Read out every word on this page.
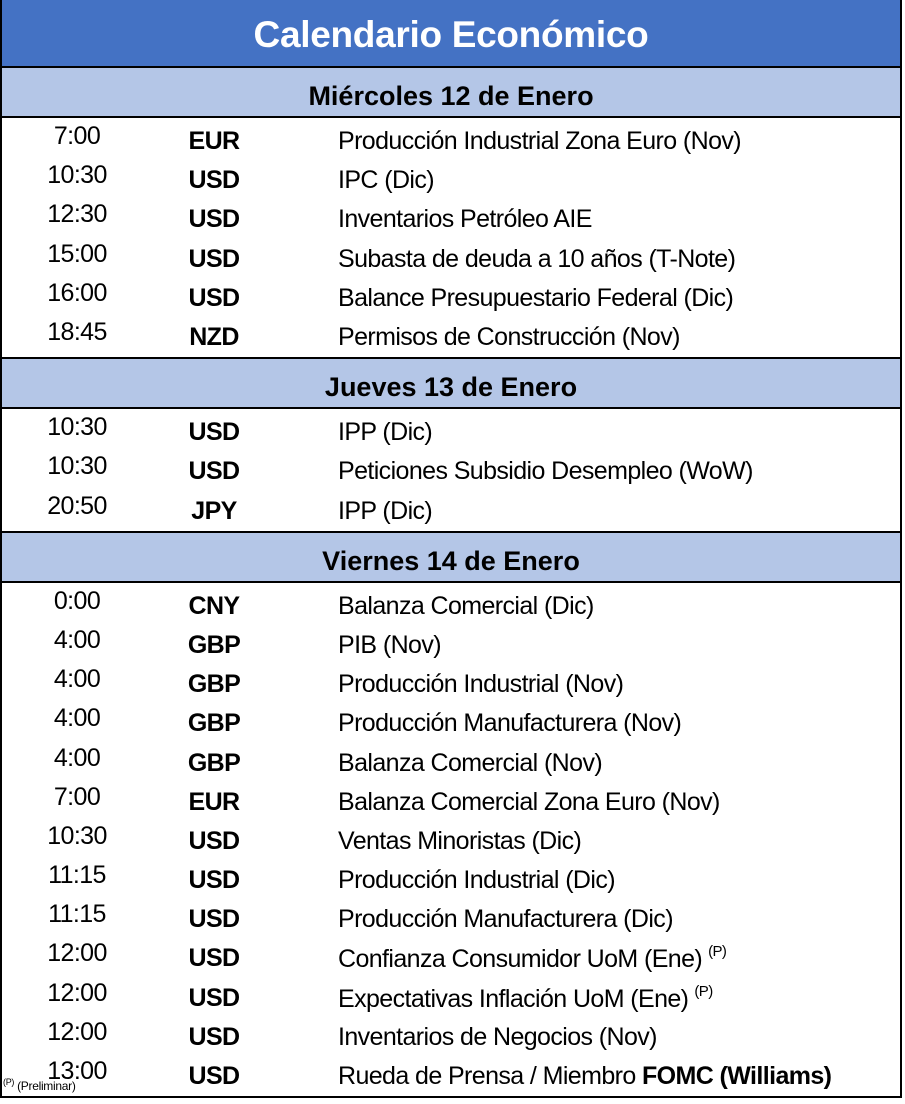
Calendario Económico
Miércoles 12 de Enero
7:00	EUR	Producción Industrial Zona Euro (Nov)
10:30	USD	IPC (Dic)
12:30	USD	Inventarios Petróleo AIE
15:00	USD	Subasta de deuda a 10 años (T-Note)
16:00	USD	Balance Presupuestario Federal (Dic)
18:45	NZD	Permisos de Construcción (Nov)
Jueves 13 de Enero
10:30	USD	IPP (Dic)
10:30	USD	Peticiones Subsidio Desempleo (WoW)
20:50	JPY	IPP (Dic)
Viernes 14 de Enero
0:00	CNY	Balanza Comercial (Dic)
4:00	GBP	PIB (Nov)
4:00	GBP	Producción Industrial (Nov)
4:00	GBP	Producción Manufacturera (Nov)
4:00	GBP	Balanza Comercial (Nov)
7:00	EUR	Balanza Comercial Zona Euro (Nov)
10:30	USD	Ventas Minoristas (Dic)
11:15	USD	Producción Industrial (Dic)
11:15	USD	Producción Manufacturera (Dic)
12:00	USD	Confianza Consumidor UoM (Ene) $^{(P)}$
12:00	USD	Expectativas Inflación UoM (Ene) $^{(P)}$
12:00	USD	Inventarios de Negocios (Nov)
13:00	USD	Rueda de Prensa / Miembro FOMC (Williams)
$^{(P)}$ (Preliminar)
